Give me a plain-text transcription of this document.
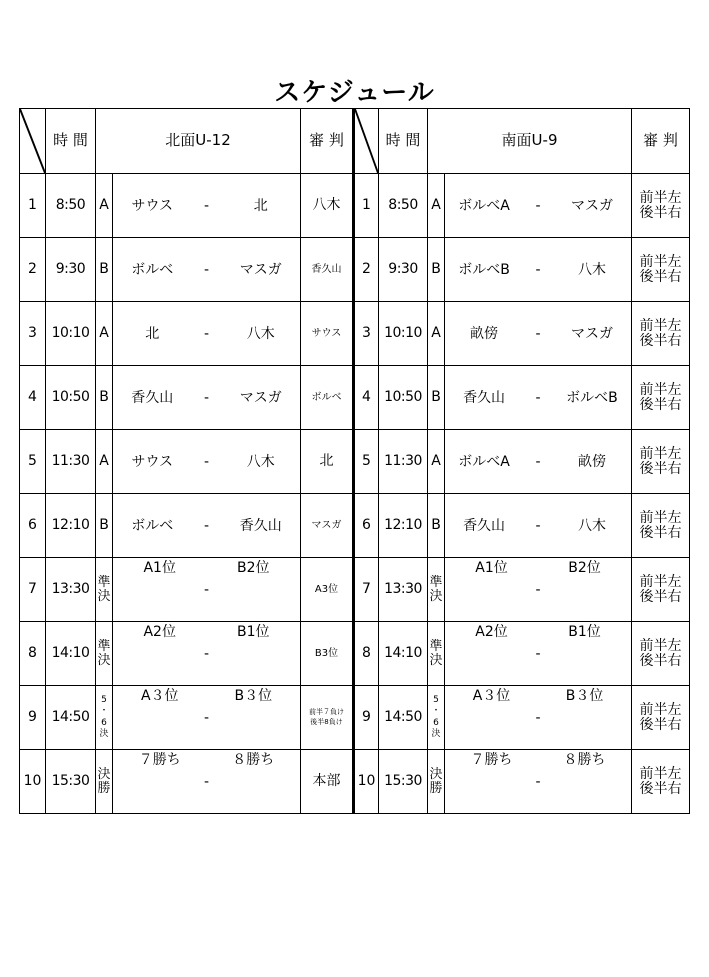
スケジュール
	時 間	北面U-12		審 判		時 間	南面U-9		審 判
1	8:50	A	サウス - 北	八木	1	8:50	A	ボルベA - マスガ	前半左
後半右
2	9:30	B	ボルベ - マスガ	香久山	2	9:30	B	ボルベB - 八木	前半左
後半右
3	10:10	A	北 - 八木	サウス	3	10:10	A	畝傍 - マスガ	前半左
後半右
4	10:50	B	香久山 - マスガ	ボルベ	4	10:50	B	香久山 - ボルベB	前半左
後半右
5	11:30	A	サウス - 八木	北	5	11:30	A	ボルベA - 畝傍	前半左
後半右
6	12:10	B	ボルベ - 香久山	マスガ	6	12:10	B	香久山 - 八木	前半左
後半右
7	13:30	準
決	A1位
-
B2位	A3位	7	13:30	準
決	A1位
-
B2位	前半左
後半右
8	14:10	準
決	A2位
-
B1位	B3位	8	14:10	準
決	A2位
-
B1位	前半左
後半右
9	14:50	5
・
6
決	A３位
-
B３位	前半７負け
後半8負け	9	14:50	5
・
6
決	A３位
-
B３位	前半左
後半右
10	15:30	決
勝	７勝ち
-
８勝ち	本部	10	15:30	決
勝	７勝ち
-
８勝ち	前半左
後半右
